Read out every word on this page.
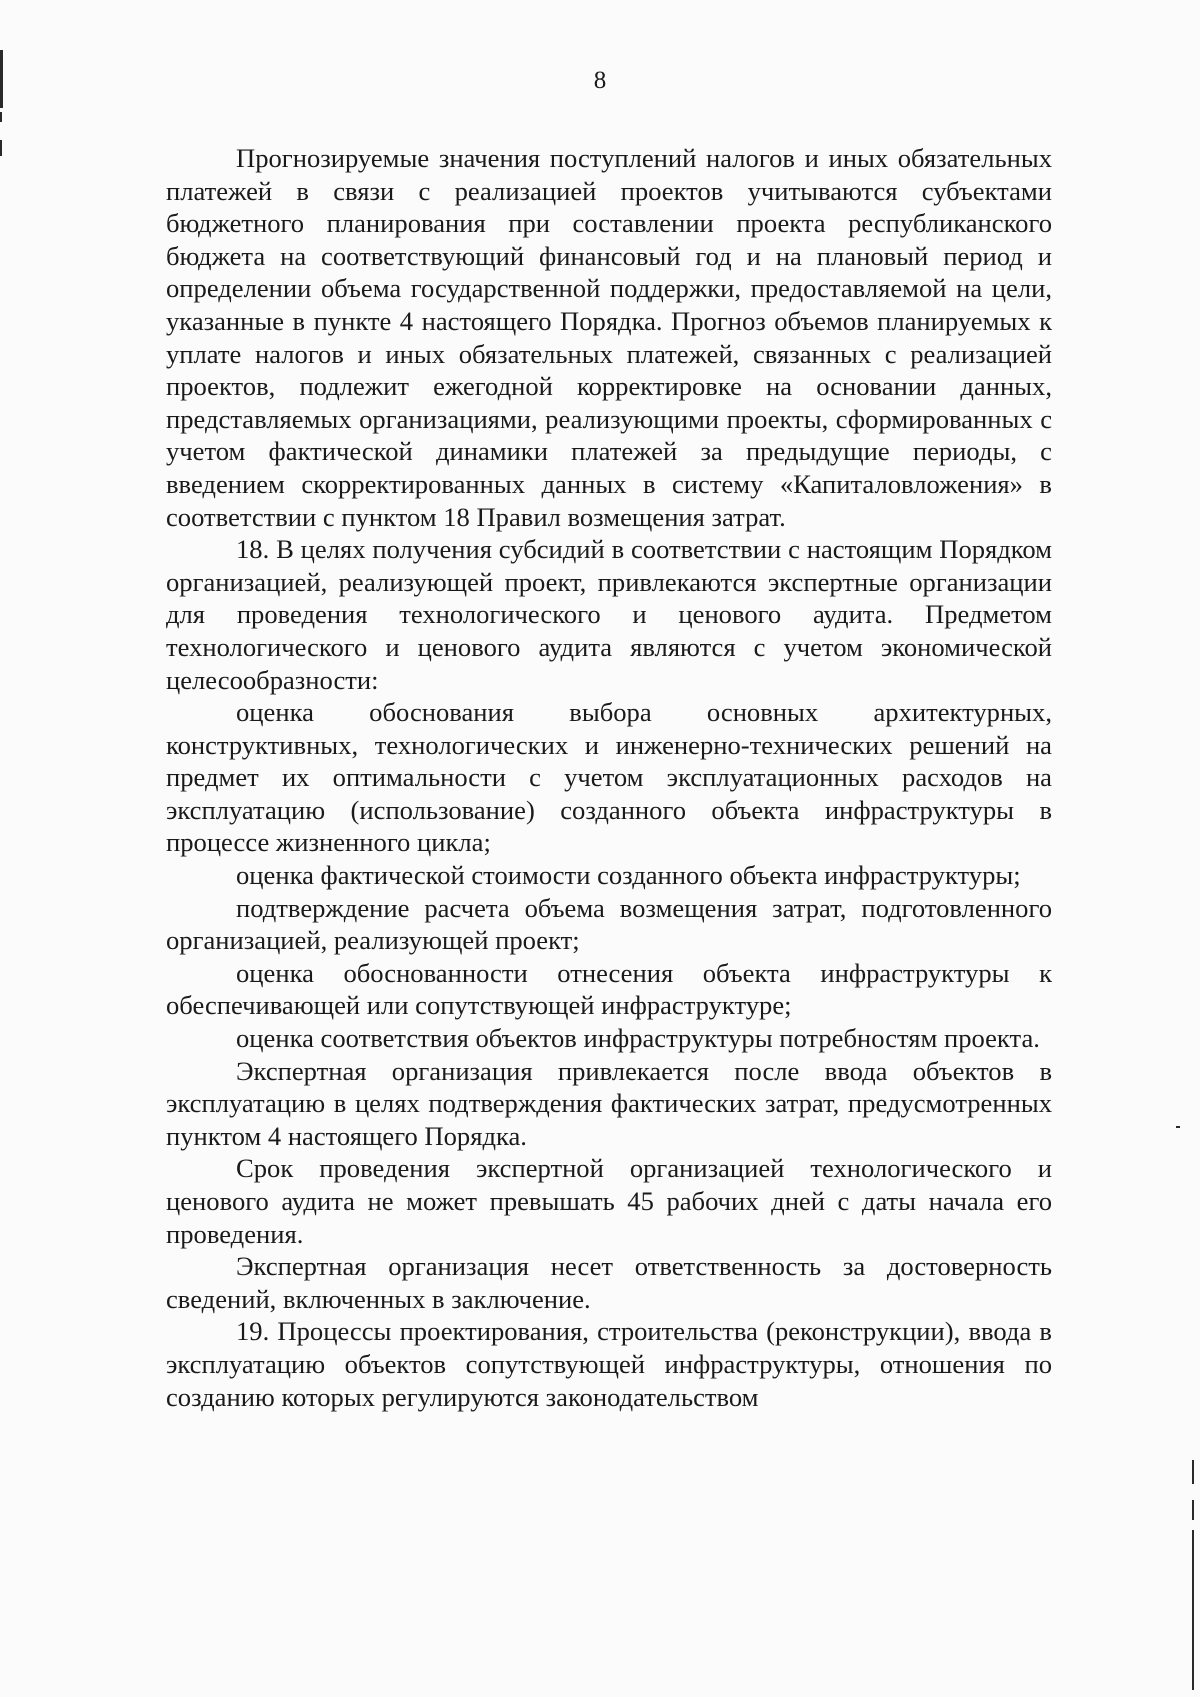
8

Прогнозируемые значения поступлений налогов и иных обязательных платежей в связи с реализацией проектов учитываются субъектами бюджетного планирования при составлении проекта республиканского бюджета на соответствующий финансовый год и на плановый период и определении объема государственной поддержки, предоставляемой на цели, указанные в пункте 4 настоящего Порядка. Прогноз объемов планируемых к уплате налогов и иных обязательных платежей, связанных с реализацией проектов, подлежит ежегодной корректировке на основании данных, представляемых организациями, реализующими проекты, сформированных с учетом фактической динамики платежей за предыдущие периоды, с введением скорректированных данных в систему «Капиталовложения» в соответствии с пунктом 18 Правил возмещения затрат.

18. В целях получения субсидий в соответствии с настоящим Порядком организацией, реализующей проект, привлекаются экспертные организации для проведения технологического и ценового аудита. Предметом технологического и ценового аудита являются с учетом экономической целесообразности:

оценка обоснования выбора основных архитектурных, конструктивных, технологических и инженерно-технических решений на предмет их оптимальности с учетом эксплуатационных расходов на эксплуатацию (использование) созданного объекта инфраструктуры в процессе жизненного цикла;

оценка фактической стоимости созданного объекта инфраструктуры;

подтверждение расчета объема возмещения затрат, подготовленного организацией, реализующей проект;

оценка обоснованности отнесения объекта инфраструктуры к обеспечивающей или сопутствующей инфраструктуре;

оценка соответствия объектов инфраструктуры потребностям проекта.

Экспертная организация привлекается после ввода объектов в эксплуатацию в целях подтверждения фактических затрат, предусмотренных пунктом 4 настоящего Порядка.

Срок проведения экспертной организацией технологического и ценового аудита не может превышать 45 рабочих дней с даты начала его проведения.

Экспертная организация несет ответственность за достоверность сведений, включенных в заключение.

19. Процессы проектирования, строительства (реконструкции), ввода в эксплуатацию объектов сопутствующей инфраструктуры, отношения по созданию которых регулируются законодательством
